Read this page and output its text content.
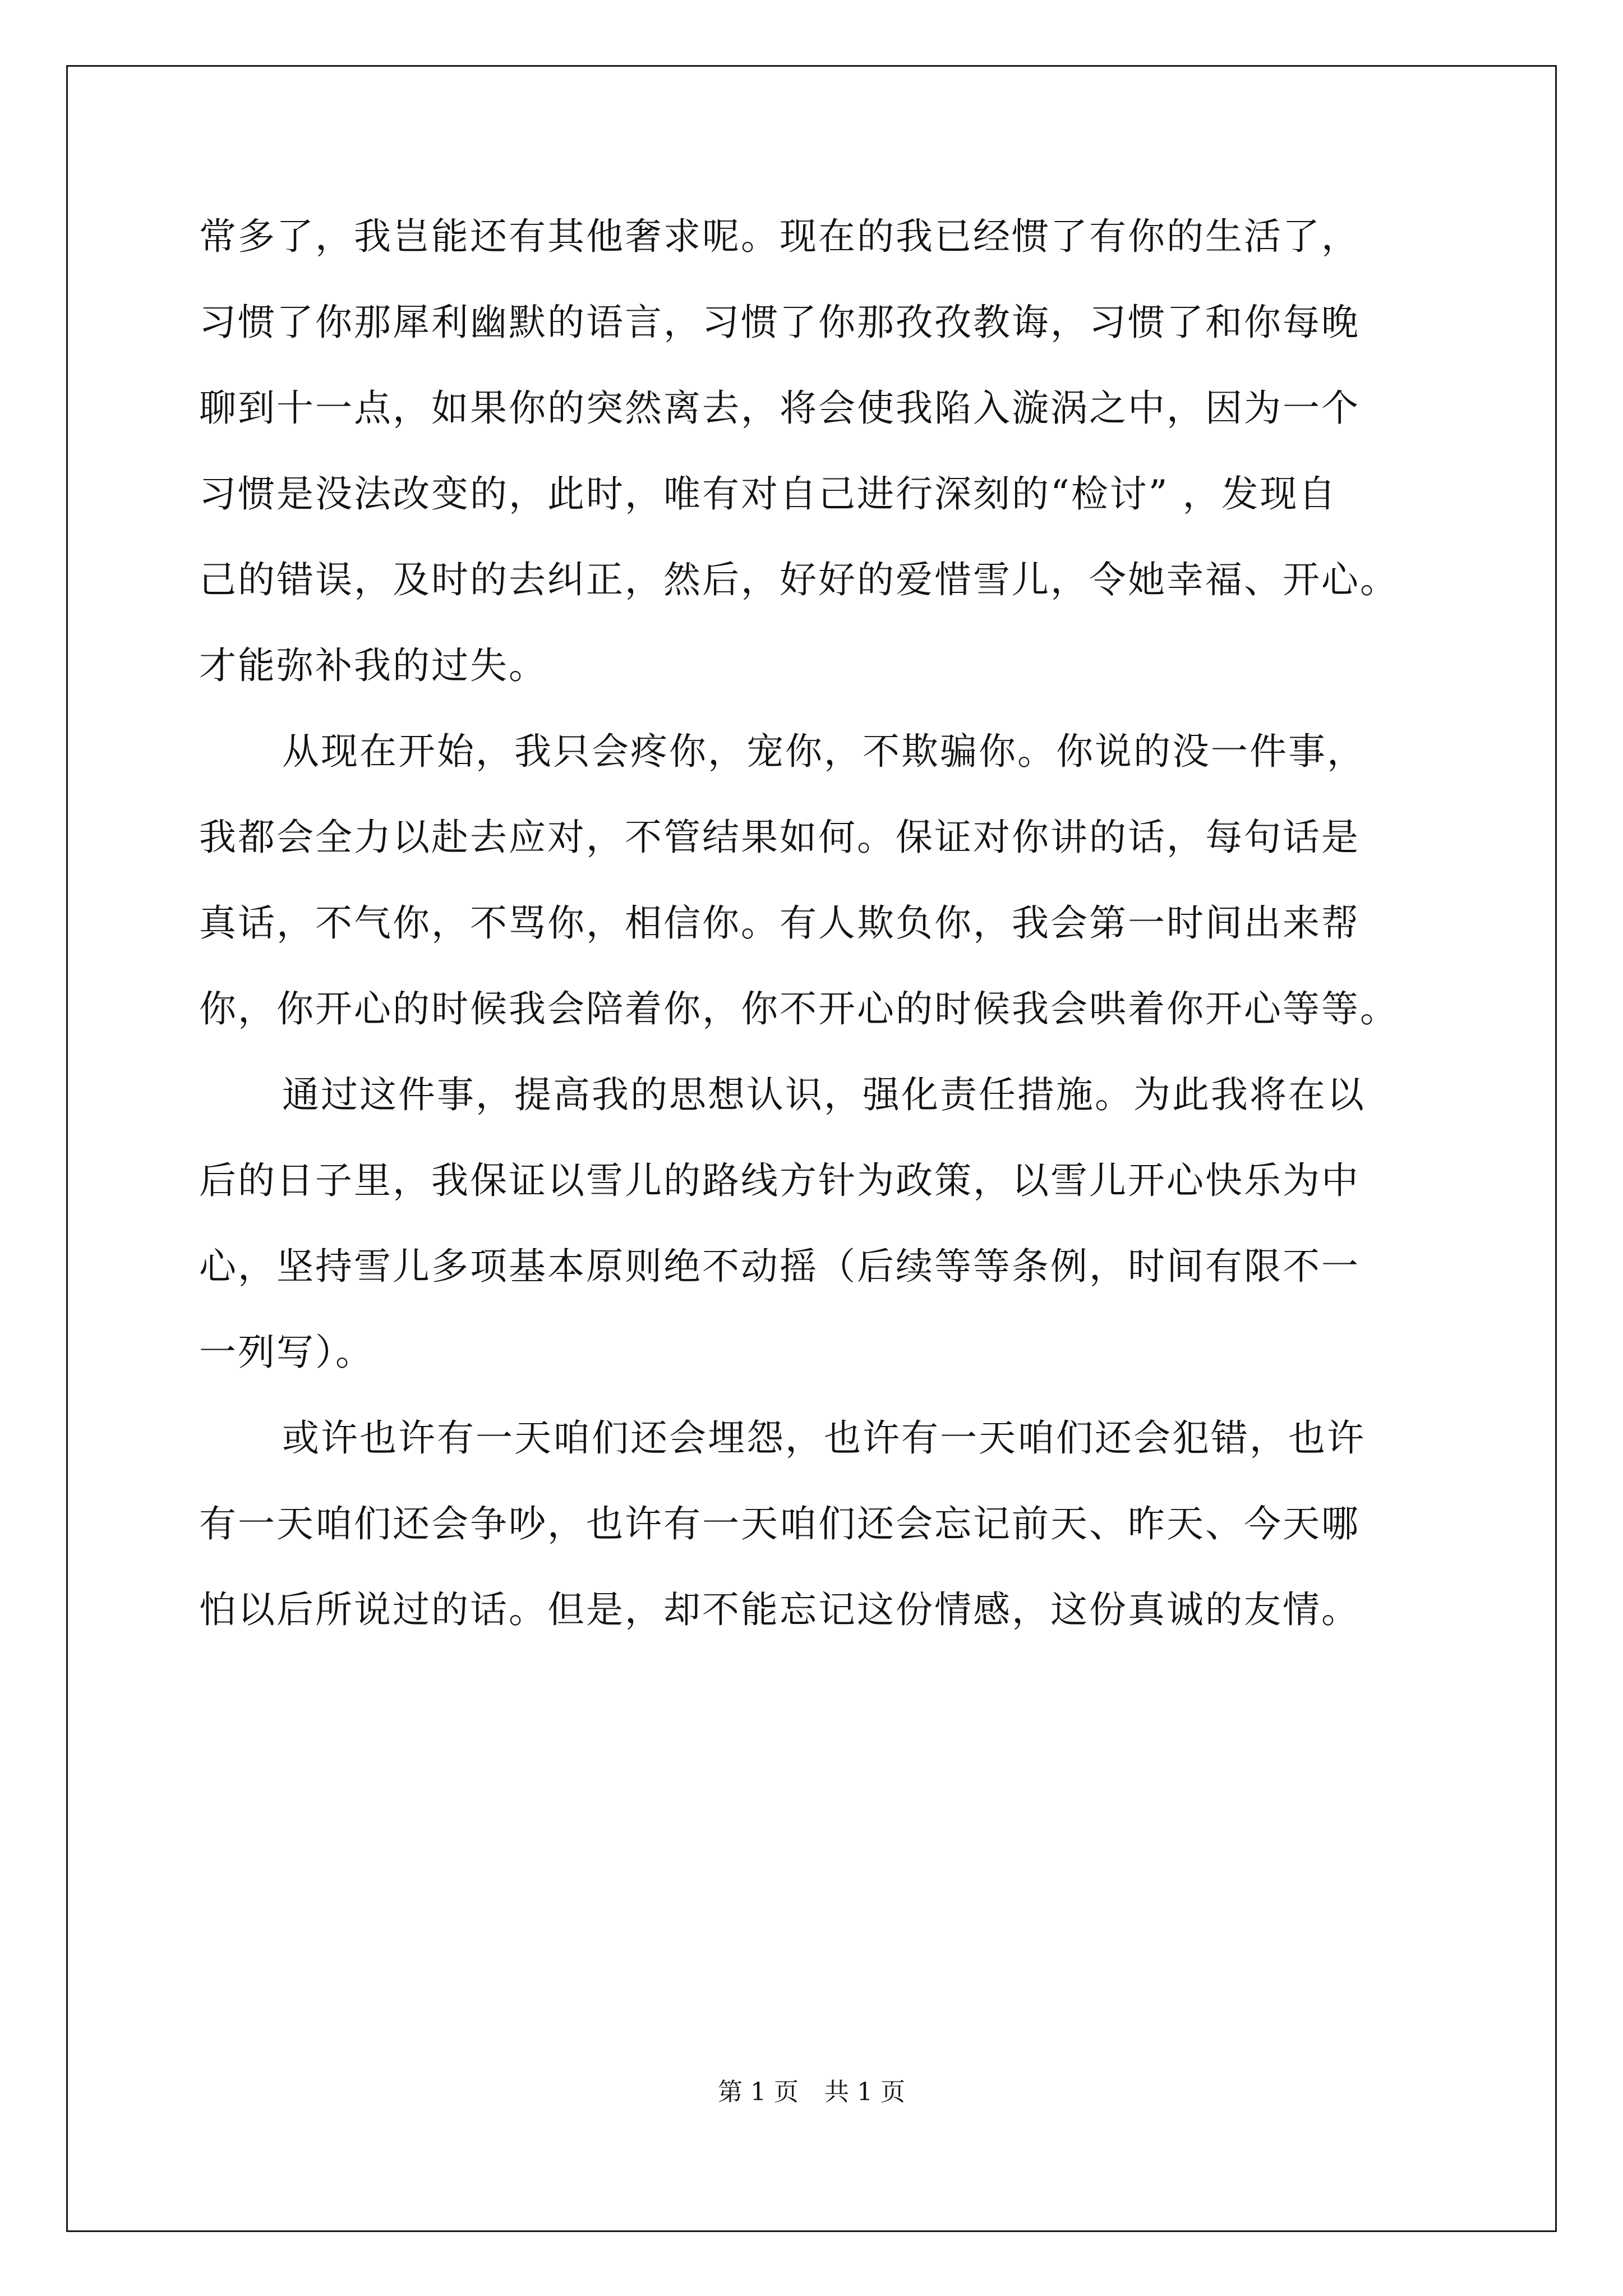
常多了，我岂能还有其他奢求呢。现在的我已经惯了有你的生活了，

习惯了你那犀利幽默的语言，习惯了你那孜孜教诲，习惯了和你每晚

聊到十一点，如果你的突然离去，将会使我陷入漩涡之中，因为一个

习惯是没法改变的，此时，唯有对自己进行深刻的“检讨” ，发现自

己的错误，及时的去纠正，然后，好好的爱惜雪儿，令她幸福、开心。

才能弥补我的过失。

从现在开始，我只会疼你，宠你，不欺骗你。你说的没一件事，

我都会全力以赴去应对，不管结果如何。保证对你讲的话，每句话是

真话，不气你，不骂你，相信你。有人欺负你，我会第一时间出来帮

你，你开心的时候我会陪着你，你不开心的时候我会哄着你开心等等。

通过这件事，提高我的思想认识，强化责任措施。为此我将在以

后的日子里，我保证以雪儿的路线方针为政策，以雪儿开心快乐为中

心，坚持雪儿多项基本原则绝不动摇（后续等等条例，时间有限不一

一列写）。

或许也许有一天咱们还会埋怨，也许有一天咱们还会犯错，也许

有一天咱们还会争吵，也许有一天咱们还会忘记前天、昨天、今天哪

怕以后所说过的话。但是，却不能忘记这份情感，这份真诚的友情。

第 1 页 共 1 页
